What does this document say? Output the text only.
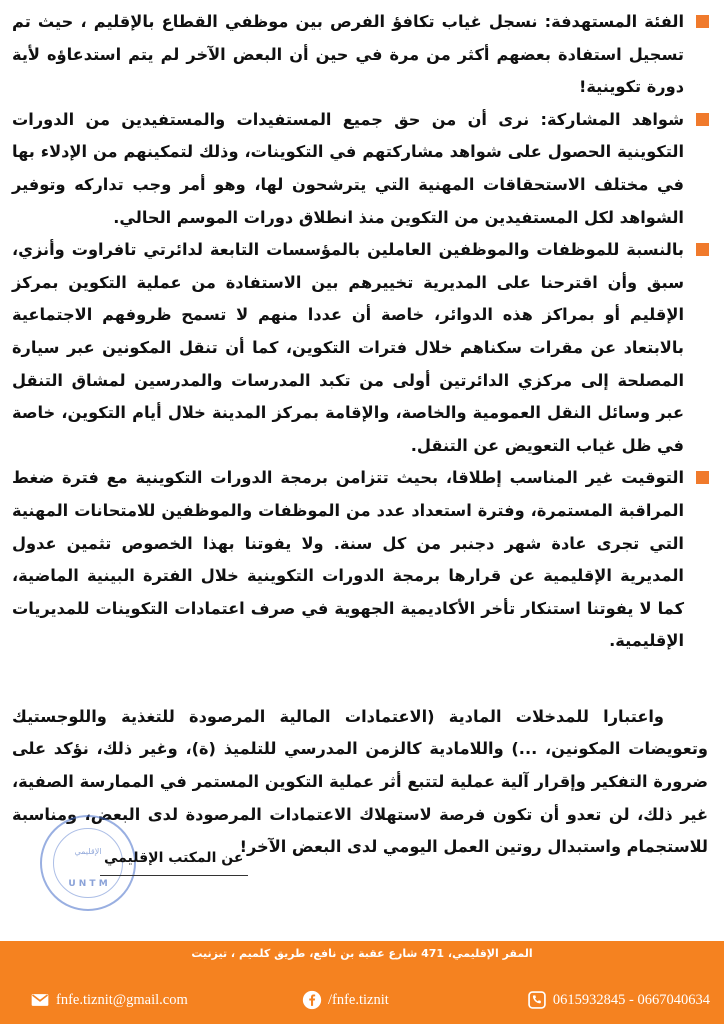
الفئة المستهدفة: نسجل غياب تكافؤ الفرص بين موظفي القطاع بالإقليم ، حيث تم تسجيل استفادة بعضهم أكثر من مرة في حين أن البعض الآخر لم يتم استدعاؤه لأية دورة تكوينية!
شواهد المشاركة: نرى أن من حق جميع المستفيدات والمستفيدين من الدورات التكوينية الحصول على شواهد مشاركتهم في التكوينات، وذلك لتمكينهم من الإدلاء بها في مختلف الاستحقاقات المهنية التي يترشحون لها، وهو أمر وجب تداركه وتوفير الشواهد لكل المستفيدين من التكوين منذ انطلاق دورات الموسم الحالي.
بالنسبة للموظفات والموظفين العاملين بالمؤسسات التابعة لدائرتي تافراوت وأنزي، سبق وأن اقترحنا على المديرية تخييرهم بين الاستفادة من عملية التكوين بمركز الإقليم أو بمراكز هذه الدوائر، خاصة أن عددا منهم لا تسمح ظروفهم الاجتماعية بالابتعاد عن مقرات سكناهم خلال فترات التكوين، كما أن تنقل المكونين عبر سيارة المصلحة إلى مركزي الدائرتين أولى من تكبد المدرسات والمدرسين لمشاق التنقل عبر وسائل النقل العمومية والخاصة، والإقامة بمركز المدينة خلال أيام التكوين، خاصة في ظل غياب التعويض عن التنقل.
التوقيت غير المناسب إطلاقا، بحيث تتزامن برمجة الدورات التكوينية مع فترة ضغط المراقبة المستمرة، وفترة استعداد عدد من الموظفات والموظفين للامتحانات المهنية التي تجرى عادة شهر دجنبر من كل سنة. ولا يفوتنا بهذا الخصوص تثمين عدول المديرية الإقليمية عن قرارها برمجة الدورات التكوينية خلال الفترة البينية الماضية، كما لا يفوتنا استنكار تأخر الأكاديمية الجهوية في صرف اعتمادات التكوينات للمديريات الإقليمية.
واعتبارا للمدخلات المادية (الاعتمادات المالية المرصودة للتغذية واللوجستيك وتعويضات المكونين، ...) واللامادية كالزمن المدرسي للتلميذ (ة)، وغير ذلك، نؤكد على ضرورة التفكير وإقرار آلية عملية لتتبع أثر عملية التكوين المستمر في الممارسة الصفية، غير ذلك، لن تعدو أن تكون فرصة لاستهلاك الاعتمادات المرصودة لدى البعض، ومناسبة للاستجمام واستبدال روتين العمل اليومي لدى البعض الآخر!
الإقليمي
U N T M
عن المكتب الإقليمي
المقر الإقليمي، 471 شارع عقبة بن نافع، طريق كلميم ، تيزنيت
fnfe.tiznit@gmail.com	/fnfe.tiznit	0615932845 - 0667040634
